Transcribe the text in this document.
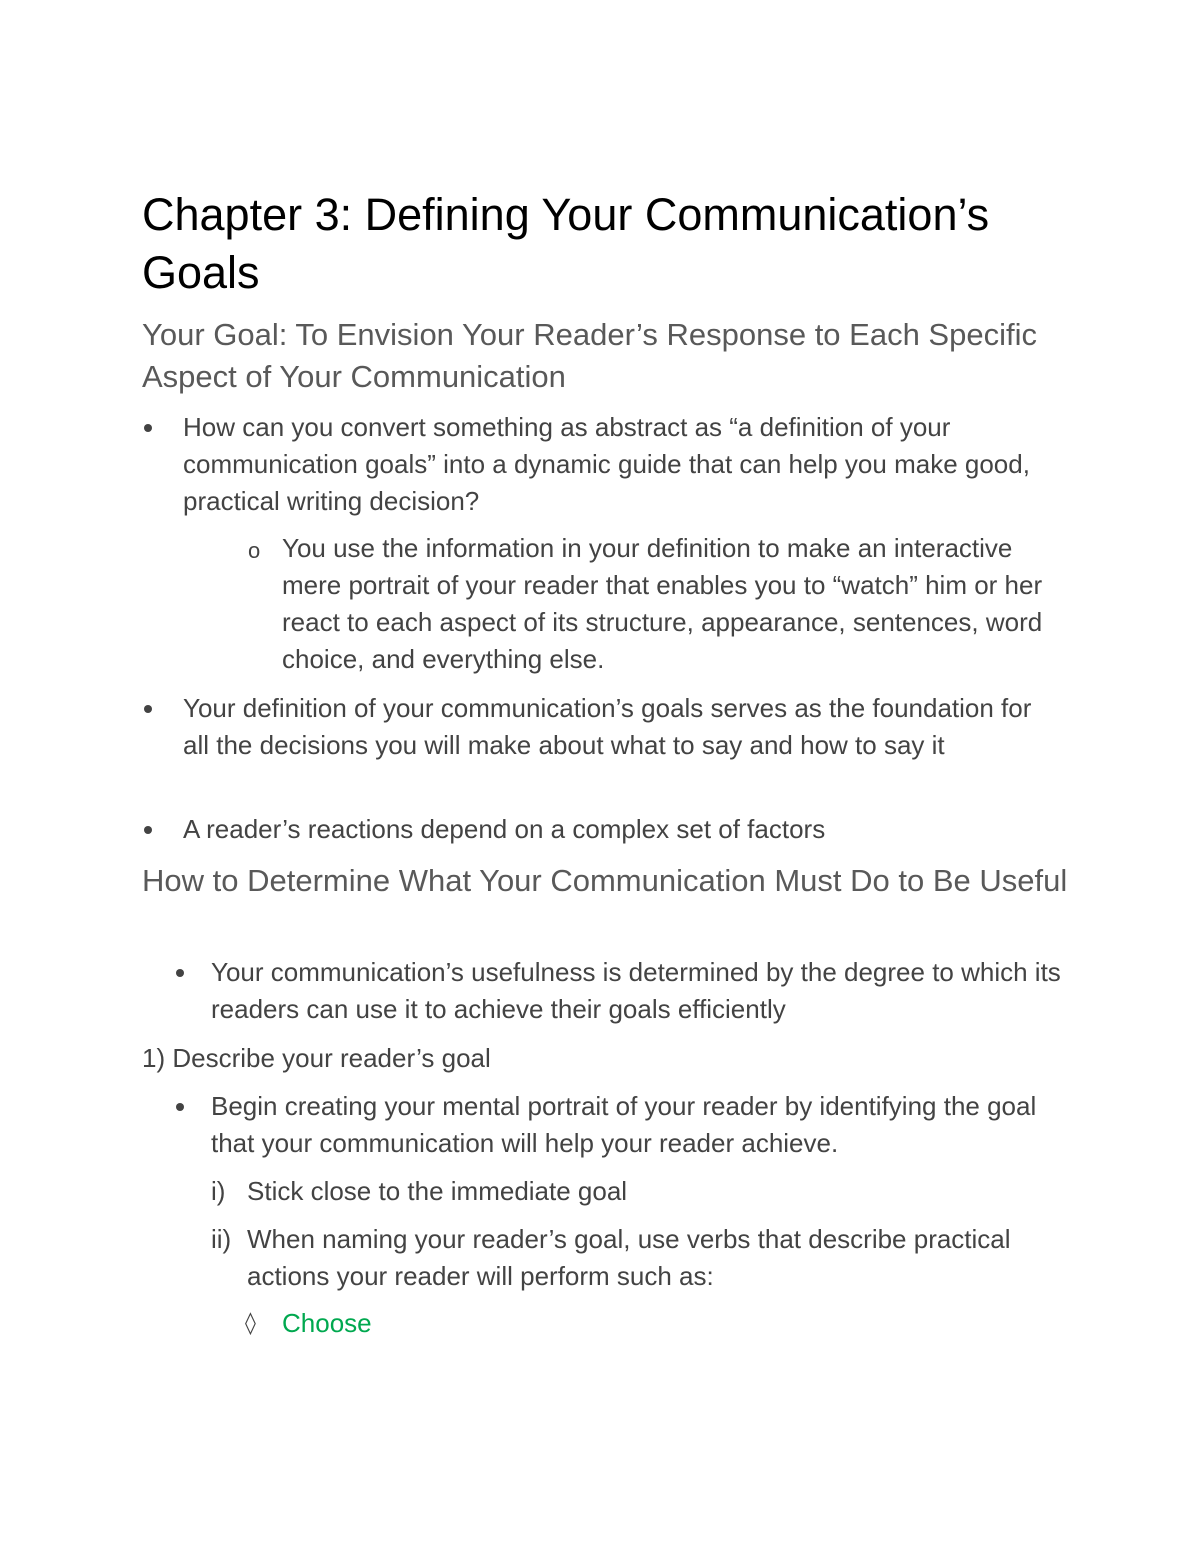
Chapter 3: Defining Your Communication’s Goals
Your Goal: To Envision Your Reader’s Response to Each Specific Aspect of Your Communication

How can you convert something as abstract as “a definition of your communication goals” into a dynamic guide that can help you make good, practical writing decision?

o You use the information in your definition to make an interactive mere portrait of your reader that enables you to “watch” him or her react to each aspect of its structure, appearance, sentences, word choice, and everything else.

Your definition of your communication’s goals serves as the foundation for all the decisions you will make about what to say and how to say it

A reader’s reactions depend on a complex set of factors

How to Determine What Your Communication Must Do to Be Useful

Your communication’s usefulness is determined by the degree to which its readers can use it to achieve their goals efficiently

1) Describe your reader’s goal

Begin creating your mental portrait of your reader by identifying the goal that your communication will help your reader achieve.

i) Stick close to the immediate goal

ii) When naming your reader’s goal, use verbs that describe practical actions your reader will perform such as:

◊ Choose
